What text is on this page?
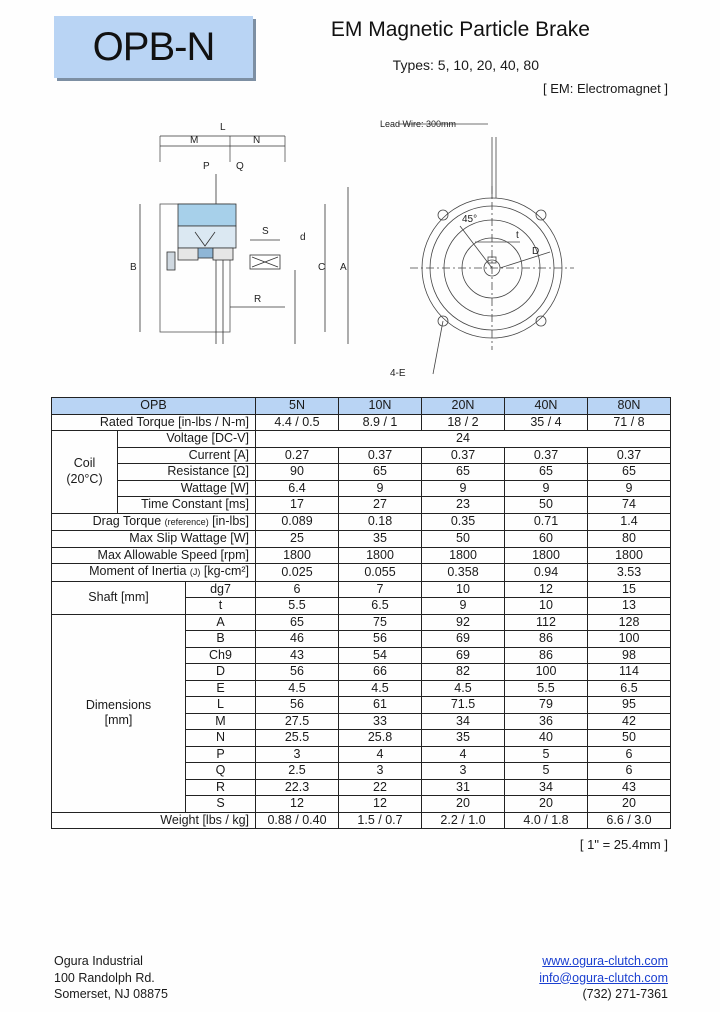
OPB-N	EM Magnetic Particle Brake
Types: 5, 10, 20, 40, 80
[ EM: Electromagnet ]
L
M	N
P	Q
S
d
C A
B
R
Lead Wire: 300mm
45°
t
D
4-E
OPB			5N	10N	20N	40N	80N
Rated Torque [in-lbs / N-m]			4.4 / 0.5	8.9 / 1	18 / 2	35 / 4	71 / 8
Coil
(20°C)	Voltage [DC-V]		24				
	Current [A]		0.27	0.37	0.37	0.37	0.37
	Resistance [Ω]		90	65	65	65	65
	Wattage [W]		6.4	9	9	9	9
	Time Constant [ms]		17	27	23	50	74
Drag Torque (reference) [in-lbs]			0.089	0.18	0.35	0.71	1.4
Max Slip Wattage [W]			25	35	50	60	80
Max Allowable Speed [rpm]			1800	1800	1800	1800	1800
Moment of Inertia (J) [kg-cm²]			0.025	0.055	0.358	0.94	3.53
Shaft [mm]		dg7	6	7	10	12	15
		t	5.5	6.5	9	10	13
Dimensions
[mm]		A	65	75	92	112	128
		B	46	56	69	86	100
		Ch9	43	54	69	86	98
		D	56	66	82	100	114
		E	4.5	4.5	4.5	5.5	6.5
		L	56	61	71.5	79	95
		M	27.5	33	34	36	42
		N	25.5	25.8	35	40	50
		P	3	4	4	5	6
		Q	2.5	3	3	5	6
		R	22.3	22	31	34	43
		S	12	12	20	20	20
Weight [lbs / kg]			0.88 / 0.40	1.5 / 0.7	2.2 / 1.0	4.0 / 1.8	6.6 / 3.0
[ 1" = 25.4mm ]
Ogura Industrial
100 Randolph Rd.
Somerset, NJ 08875
www.ogura-clutch.com
info@ogura-clutch.com
(732) 271-7361
